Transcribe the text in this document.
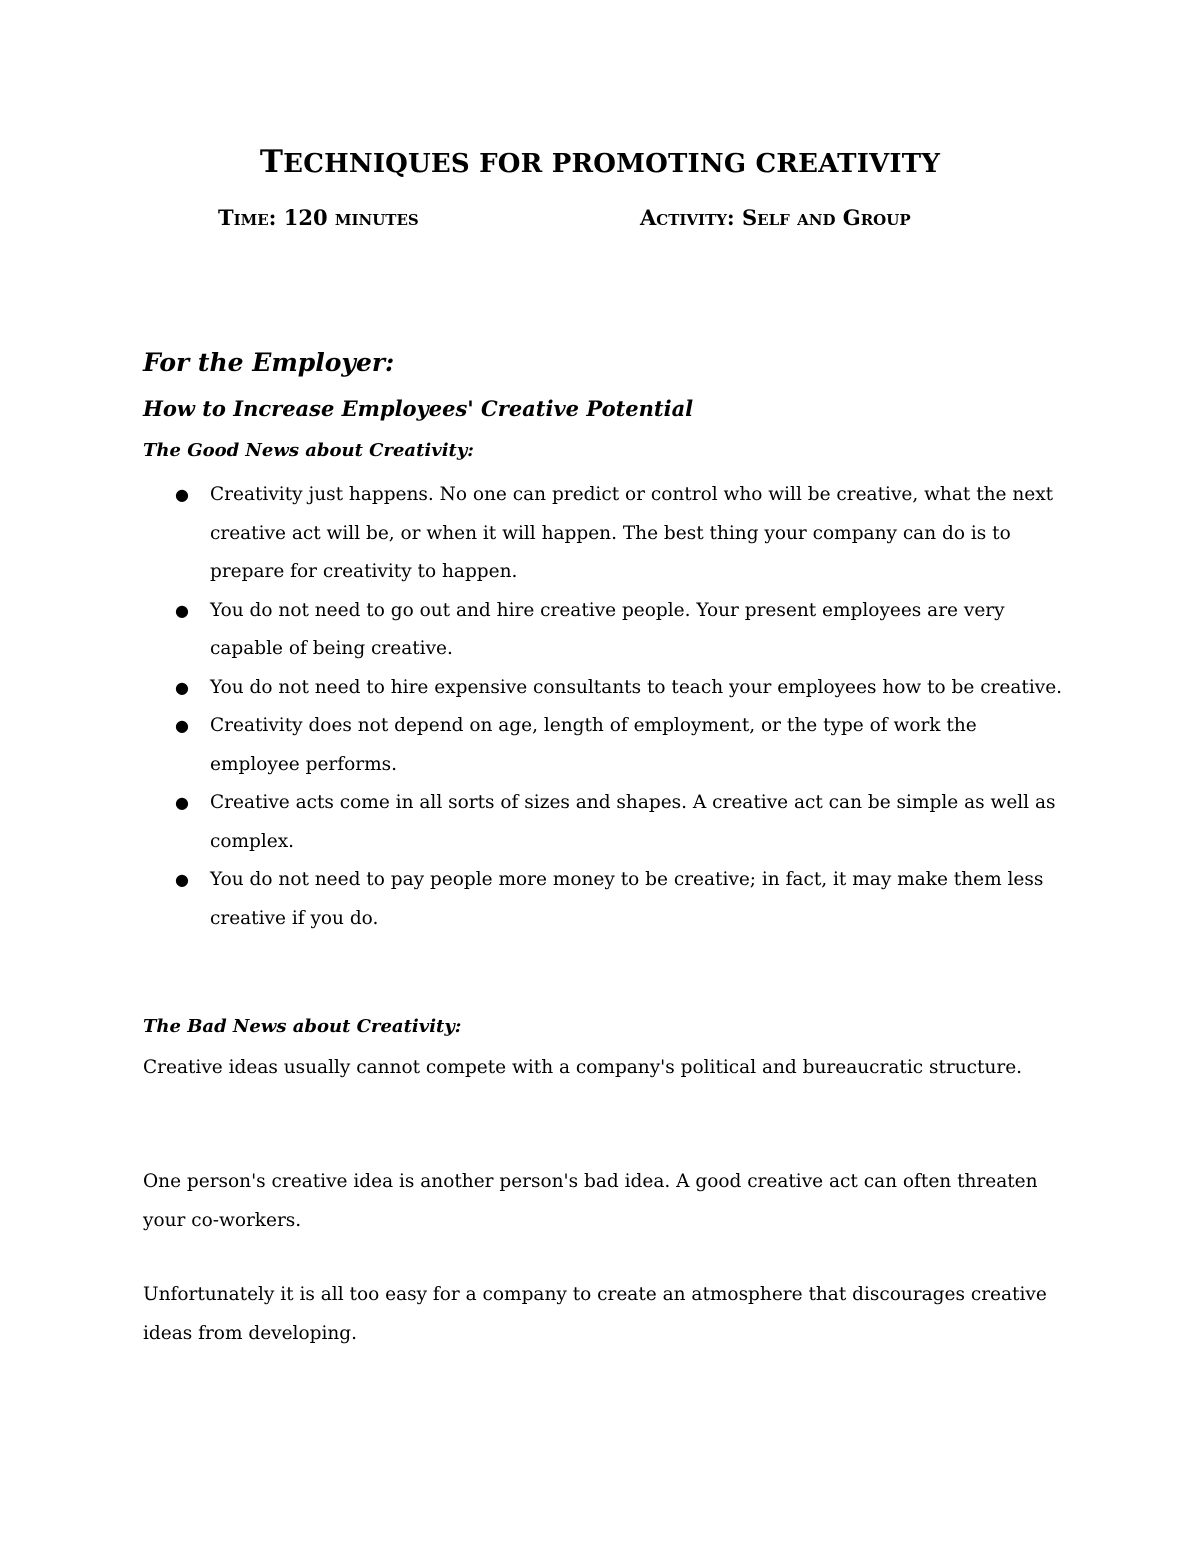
TECHNIQUES FOR PROMOTING CREATIVITY
Time: 120 minutes	Activity: Self and Group
For the Employer:
How to Increase Employees' Creative Potential
The Good News about Creativity:
● Creativity just happens. No one can predict or control who will be creative, what the next creative act will be, or when it will happen. The best thing your company can do is to prepare for creativity to happen.
● You do not need to go out and hire creative people. Your present employees are very capable of being creative.
● You do not need to hire expensive consultants to teach your employees how to be creative.
● Creativity does not depend on age, length of employment, or the type of work the employee performs.
● Creative acts come in all sorts of sizes and shapes. A creative act can be simple as well as complex.
● You do not need to pay people more money to be creative; in fact, it may make them less creative if you do.
The Bad News about Creativity:

Creative ideas usually cannot compete with a company's political and bureaucratic structure.

One person's creative idea is another person's bad idea. A good creative act can often threaten your co-workers.

Unfortunately it is all too easy for a company to create an atmosphere that discourages creative ideas from developing.
